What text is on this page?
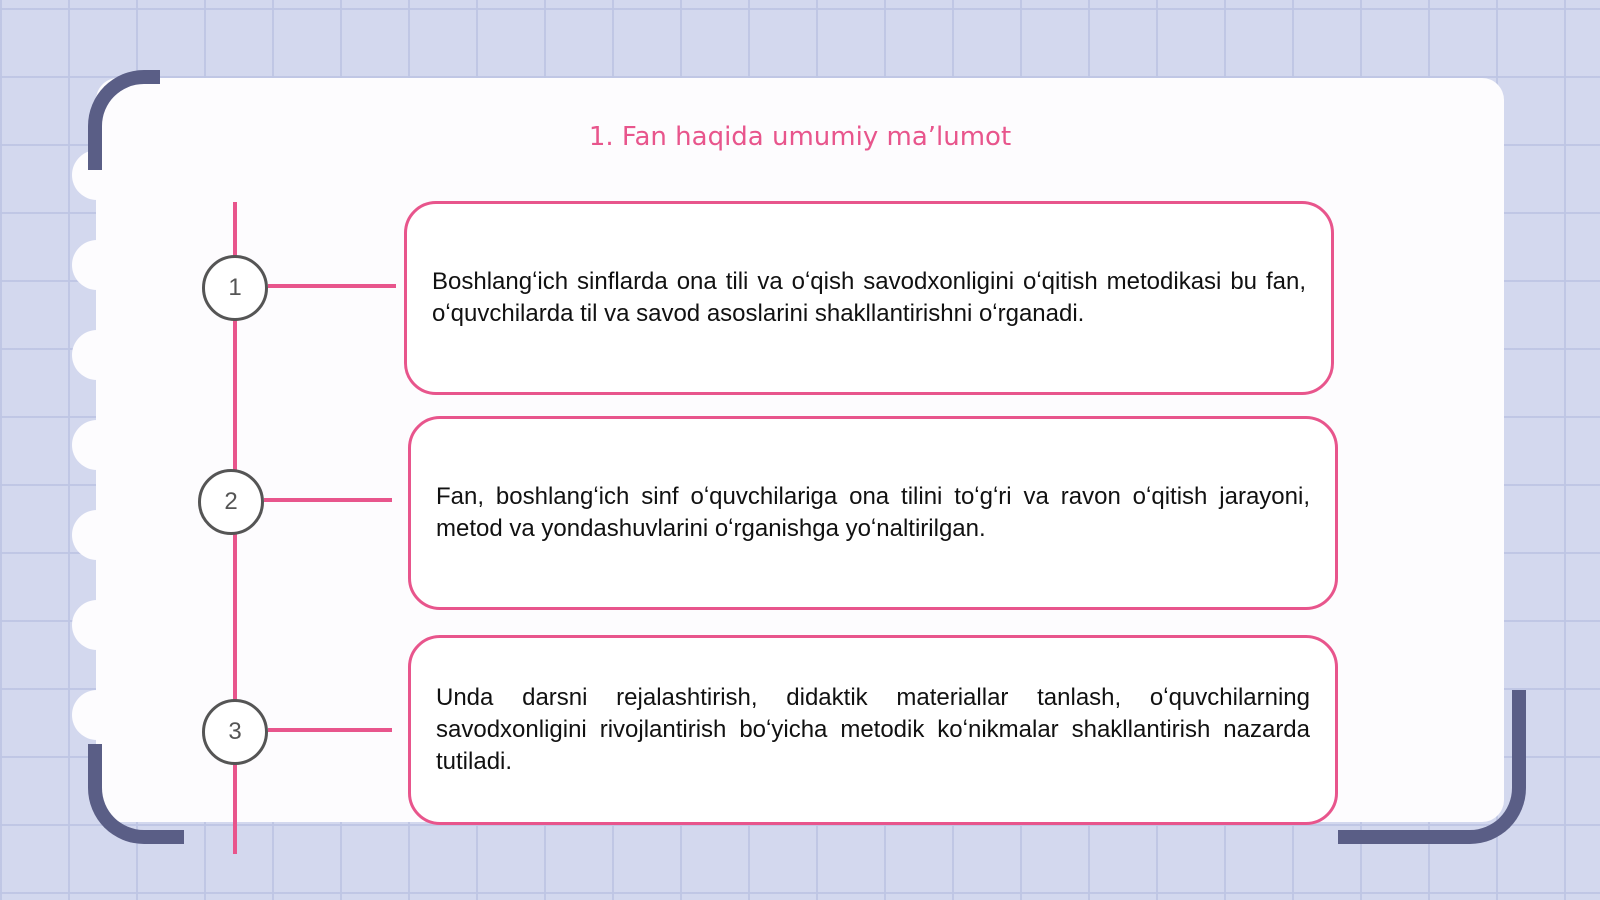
1. Fan haqida umumiy maʼlumot
1
2
3
Boshlangʻich sinflarda ona tili va oʻqish savodxonligini oʻqitish metodikasi bu fan, oʻquvchilarda til va savod asoslarini shakllantirishni oʻrganadi.
Fan, boshlangʻich sinf oʻquvchilariga ona tilini toʻgʻri va ravon oʻqitish jarayoni, metod va yondashuvlarini oʻrganishga yoʻnaltirilgan.
Unda darsni rejalashtirish, didaktik materiallar tanlash, oʻquvchilarning savodxonligini rivojlantirish boʻyicha metodik koʻnikmalar shakllantirish nazarda tutiladi.
